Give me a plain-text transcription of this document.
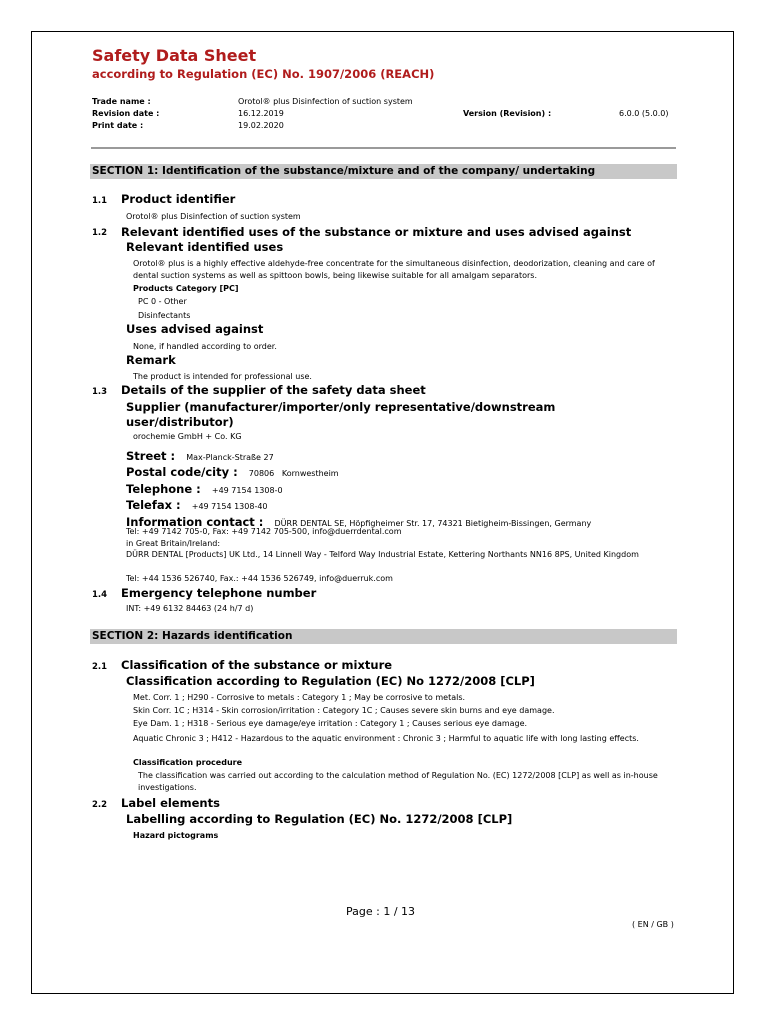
Safety Data Sheet
according to Regulation (EC) No. 1907/2006 (REACH)
Trade name :	Orotol® plus Disinfection of suction system
Revision date :	16.12.2019	Version (Revision) :	6.0.0 (5.0.0)
Print date :	19.02.2020
SECTION 1: Identification of the substance/mixture and of the company/ undertaking
1.1 Product identifier
Orotol® plus Disinfection of suction system
1.2 Relevant identified uses of the substance or mixture and uses advised against
Relevant identified uses
Orotol® plus is a highly effective aldehyde-free concentrate for the simultaneous disinfection, deodorization, cleaning and care of dental suction systems as well as spittoon bowls, being likewise suitable for all amalgam separators.
Products Category [PC]
PC 0 - Other
Disinfectants
Uses advised against
None, if handled according to order.
Remark
The product is intended for professional use.
1.3 Details of the supplier of the safety data sheet
Supplier (manufacturer/importer/only representative/downstream
user/distributor)
orochemie GmbH + Co. KG
Street : Max-Planck-Straße 27
Postal code/city : 70806   Kornwestheim
Telephone : +49 7154 1308-0
Telefax : +49 7154 1308-40
Information contact : DÜRR DENTAL SE, Höpfigheimer Str. 17, 74321 Bietigheim-Bissingen, Germany
Tel: +49 7142 705-0, Fax: +49 7142 705-500, info@duerrdental.com
in Great Britain/Ireland:
DÜRR DENTAL [Products] UK Ltd., 14 Linnell Way - Telford Way Industrial Estate, Kettering Northants NN16 8PS, United Kingdom
Tel: +44 1536 526740, Fax.: +44 1536 526749, info@duerruk.com
1.4 Emergency telephone number
INT: +49 6132 84463 (24 h/7 d)
SECTION 2: Hazards identification
2.1 Classification of the substance or mixture
Classification according to Regulation (EC) No 1272/2008 [CLP]
Met. Corr. 1 ; H290 - Corrosive to metals : Category 1 ; May be corrosive to metals.
Skin Corr. 1C ; H314 - Skin corrosion/irritation : Category 1C ; Causes severe skin burns and eye damage.
Eye Dam. 1 ; H318 - Serious eye damage/eye irritation : Category 1 ; Causes serious eye damage.
Aquatic Chronic 3 ; H412 - Hazardous to the aquatic environment : Chronic 3 ; Harmful to aquatic life with long lasting effects.
Classification procedure
The classification was carried out according to the calculation method of Regulation No. (EC) 1272/2008 [CLP] as well as in-house investigations.
2.2 Label elements
Labelling according to Regulation (EC) No. 1272/2008 [CLP]
Hazard pictograms
Page : 1 / 13
( EN / GB )
